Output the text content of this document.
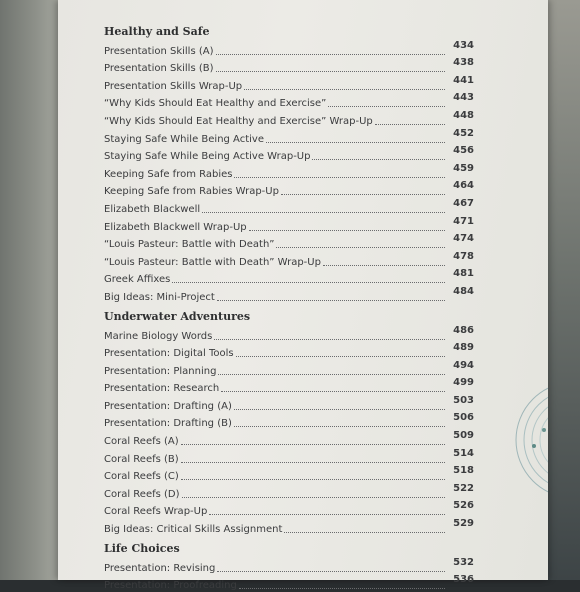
Healthy and Safe
Presentation Skills (A)
434
Presentation Skills (B)
438
Presentation Skills Wrap-Up
441
“Why Kids Should Eat Healthy and Exercise”
443
“Why Kids Should Eat Healthy and Exercise” Wrap-Up
448
Staying Safe While Being Active
452
Staying Safe While Being Active Wrap-Up
456
Keeping Safe from Rabies
459
Keeping Safe from Rabies Wrap-Up
464
Elizabeth Blackwell
467
Elizabeth Blackwell Wrap-Up
471
“Louis Pasteur: Battle with Death”
474
“Louis Pasteur: Battle with Death” Wrap-Up
478
Greek Affixes
481
Big Ideas: Mini-Project
484
Underwater Adventures
Marine Biology Words
486
Presentation: Digital Tools
489
Presentation: Planning
494
Presentation: Research
499
Presentation: Drafting (A)
503
Presentation: Drafting (B)
506
Coral Reefs (A)
509
Coral Reefs (B)
514
Coral Reefs (C)
518
Coral Reefs (D)
522
Coral Reefs Wrap-Up
526
Big Ideas: Critical Skills Assignment
529
Life Choices
Presentation: Revising
532
Presentation: Proofreading
536
